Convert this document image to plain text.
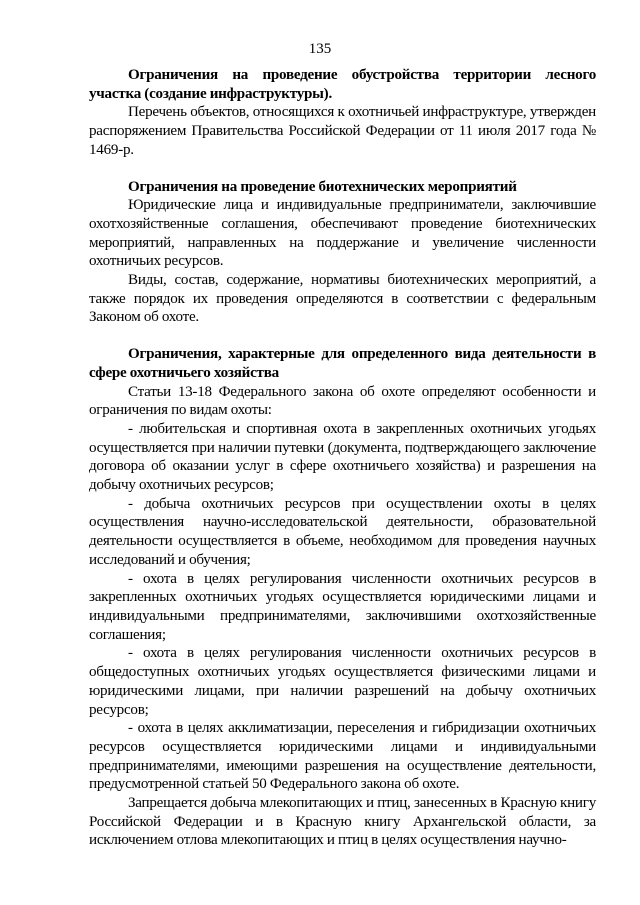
135

Ограничения на проведение обустройства территории лесного участка (создание инфраструктуры).

Перечень объектов, относящихся к охотничьей инфраструктуре, утвержден распоряжением Правительства Российской Федерации от 11 июля 2017 года № 1469-р.

Ограничения на проведение биотехнических мероприятий

Юридические лица и индивидуальные предприниматели, заключившие охотхозяйственные соглашения, обеспечивают проведение биотехнических мероприятий, направленных на поддержание и увеличение численности охотничьих ресурсов.

Виды, состав, содержание, нормативы биотехнических мероприятий, а также порядок их проведения определяются в соответствии с федеральным Законом об охоте.

Ограничения, характерные для определенного вида деятельности в сфере охотничьего хозяйства

Статьи 13-18 Федерального закона об охоте определяют особенности и ограничения по видам охоты:

- любительская и спортивная охота в закрепленных охотничьих угодьях осуществляется при наличии путевки (документа, подтверждающего заключение договора об оказании услуг в сфере охотничьего хозяйства) и разрешения на добычу охотничьих ресурсов;

- добыча охотничьих ресурсов при осуществлении охоты в целях осуществления научно-исследовательской деятельности, образовательной деятельности осуществляется в объеме, необходимом для проведения научных исследований и обучения;

- охота в целях регулирования численности охотничьих ресурсов в закрепленных охотничьих угодьях осуществляется юридическими лицами и индивидуальными предпринимателями, заключившими охотхозяйственные соглашения;

- охота в целях регулирования численности охотничьих ресурсов в общедоступных охотничьих угодьях осуществляется физическими лицами и юридическими лицами, при наличии разрешений на добычу охотничьих ресурсов;

- охота в целях акклиматизации, переселения и гибридизации охотничьих ресурсов осуществляется юридическими лицами и индивидуальными предпринимателями, имеющими разрешения на осуществление деятельности, предусмотренной статьей 50 Федерального закона об охоте.

Запрещается добыча млекопитающих и птиц, занесенных в Красную книгу Российской Федерации и в Красную книгу Архангельской области, за исключением отлова млекопитающих и птиц в целях осуществления научно-
